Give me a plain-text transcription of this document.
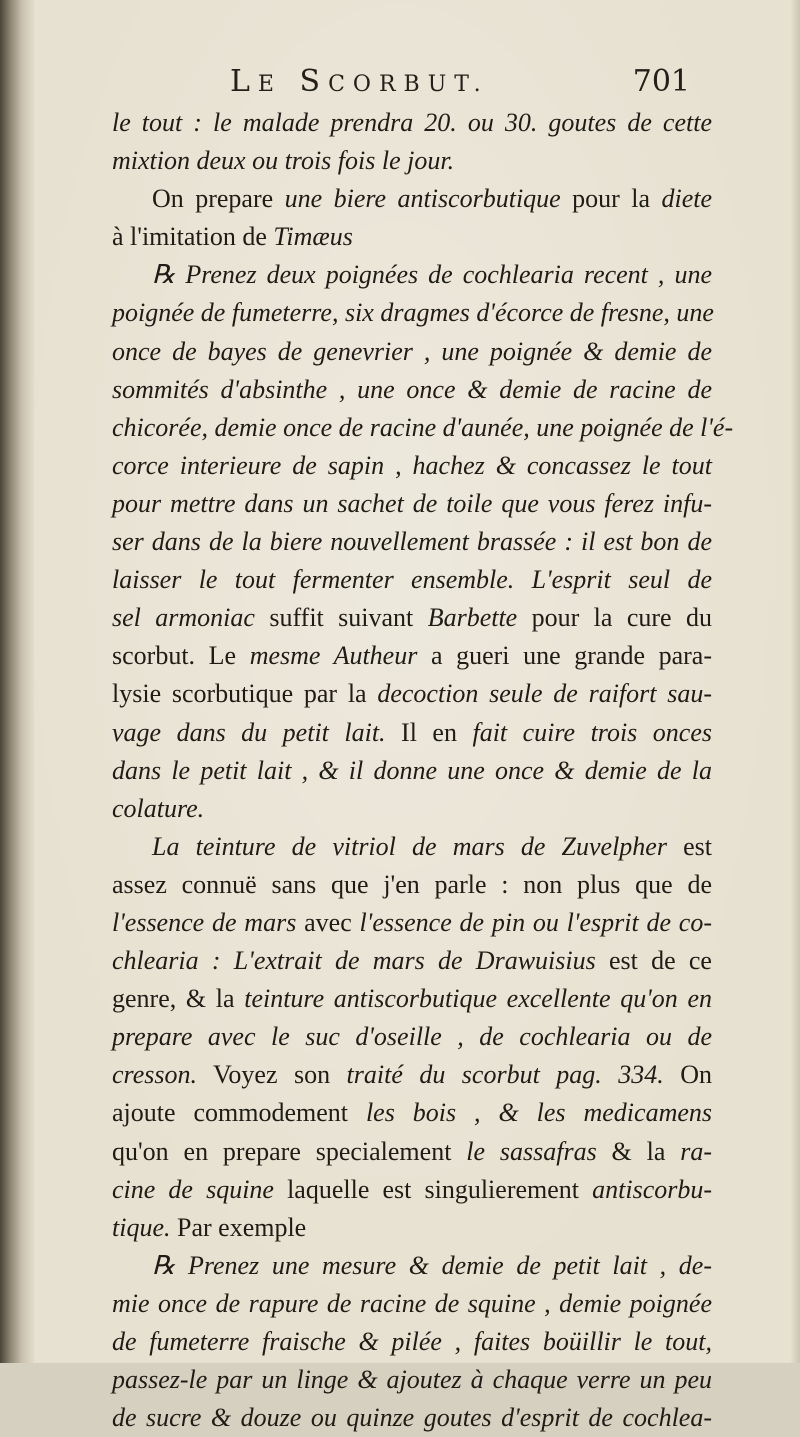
LE SCORBUT.	701
le tout : le malade prendra 20. ou 30. goutes de cette
mixtion deux ou trois fois le jour.
On prepare une biere antiscorbutique pour la diete
à l'imitation de Timæus
℞ Prenez deux poignées de cochlearia recent , une
poignée de fumeterre, six dragmes d'écorce de fresne, une
once de bayes de genevrier , une poignée & demie de
sommités d'absinthe , une once & demie de racine de
chicorée, demie once de racine d'aunée, une poignée de l'é-
corce interieure de sapin , hachez & concassez le tout
pour mettre dans un sachet de toile que vous ferez infu-
ser dans de la biere nouvellement brassée : il est bon de
laisser le tout fermenter ensemble. L'esprit seul de
sel armoniac suffit suivant Barbette pour la cure du
scorbut. Le mesme Autheur a gueri une grande para-
lysie scorbutique par la decoction seule de raifort sau-
vage dans du petit lait. Il en fait cuire trois onces
dans le petit lait , & il donne une once & demie de la
colature.
La teinture de vitriol de mars de Zuvelpher est
assez connuë sans que j'en parle : non plus que de
l'essence de mars avec l'essence de pin ou l'esprit de co-
chlearia : L'extrait de mars de Drawuisius est de ce
genre, & la teinture antiscorbutique excellente qu'on en
prepare avec le suc d'oseille , de cochlearia ou de
cresson. Voyez son traité du scorbut pag. 334. On
ajoute commodement les bois , & les medicamens
qu'on en prepare specialement le sassafras & la ra-
cine de squine laquelle est singulierement antiscorbu-
tique. Par exemple
℞ Prenez une mesure & demie de petit lait , de-
mie once de rapure de racine de squine , demie poignée
de fumeterre fraische & pilée , faites boüillir le tout,
passez-le par un linge & ajoutez à chaque verre un peu
de sucre & douze ou quinze goutes d'esprit de cochlea-
